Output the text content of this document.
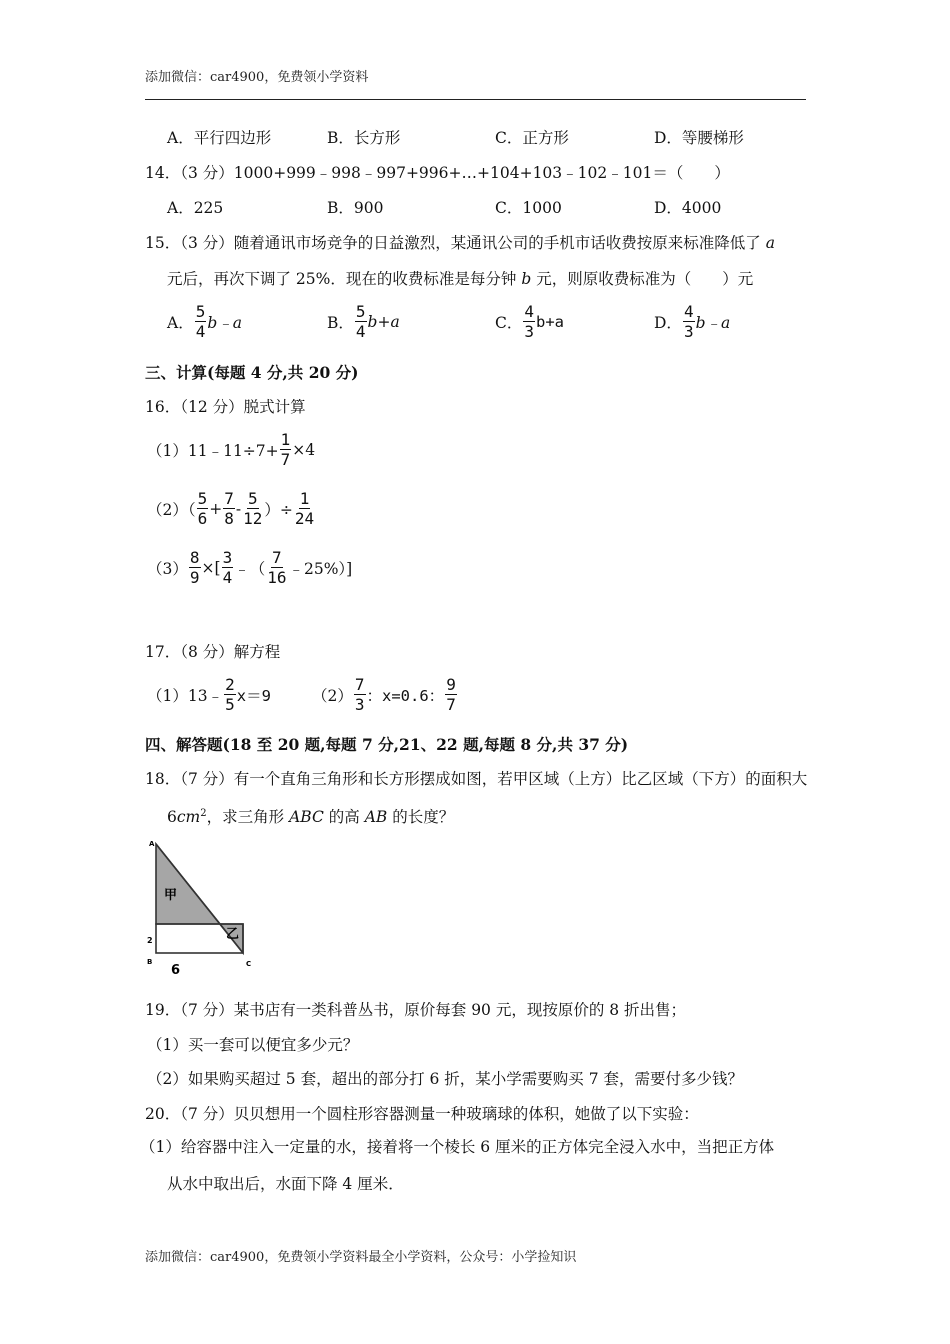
添加微信：car4900，免费领小学资料
A．平行四边形	B．长方形	C．正方形	D．等腰梯形
14．（3 分）1000+999﹣998﹣997+996+…+104+103﹣102﹣101＝（　　）
A．225	B．900	C．1000	D．4000
15．（3 分）随着通讯市场竞争的日益激烈，某通讯公司的手机市话收费按原来标准降低了 a
元后，再次下调了 25%．现在的收费标准是每分钟 b 元，则原收费标准为（　　）元
A． $\frac{5}{4}$ b﹣a	B． $\frac{5}{4} b+a$	C． $\frac{4}{3} b+a$	D． $\frac{4}{3}$ b﹣a
三、计算(每题 4 分,共 20 分)
16．（12 分）脱式计算
（1）11﹣11÷7+ $\frac{1}{7} \times 4$
$(2)( \frac{5}{6} + \frac{7}{8} - \frac{5}{12}$ ）÷ $\frac{1}{24}$
$(3) \frac{8}{9}$ ×[ $\frac{3}{4}$ ﹣（ $\frac{7}{16}$ ﹣25%）]
17．（8 分）解方程
（1）13﹣ $\frac{2}{5} x=9$	$(2) \frac{7}{3}$ ：x=0.6： $\frac{9}{7}$
四、解答题(18 至 20 题,每题 7 分,21、22 题,每题 8 分,共 37 分)
18．（7 分）有一个直角三角形和长方形摆成如图，若甲区域（上方）比乙区域（下方）的面积大
$6cm^2$，求三角形 ABC 的高 AB 的长度？
A
B	C
甲
乙
2
6
19．（7 分）某书店有一类科普丛书，原价每套 90 元，现按原价的 8 折出售；
（1）买一套可以便宜多少元？
（2）如果购买超过 5 套，超出的部分打 6 折，某小学需要购买 7 套，需要付多少钱？
20．（7 分）贝贝想用一个圆柱形容器测量一种玻璃球的体积，她做了以下实验：
（1）给容器中注入一定量的水，接着将一个棱长 6 厘米的正方体完全浸入水中，当把正方体
从水中取出后，水面下降 4 厘米．
添加微信：car4900，免费领小学资料最全小学资料，公众号：小学捡知识
